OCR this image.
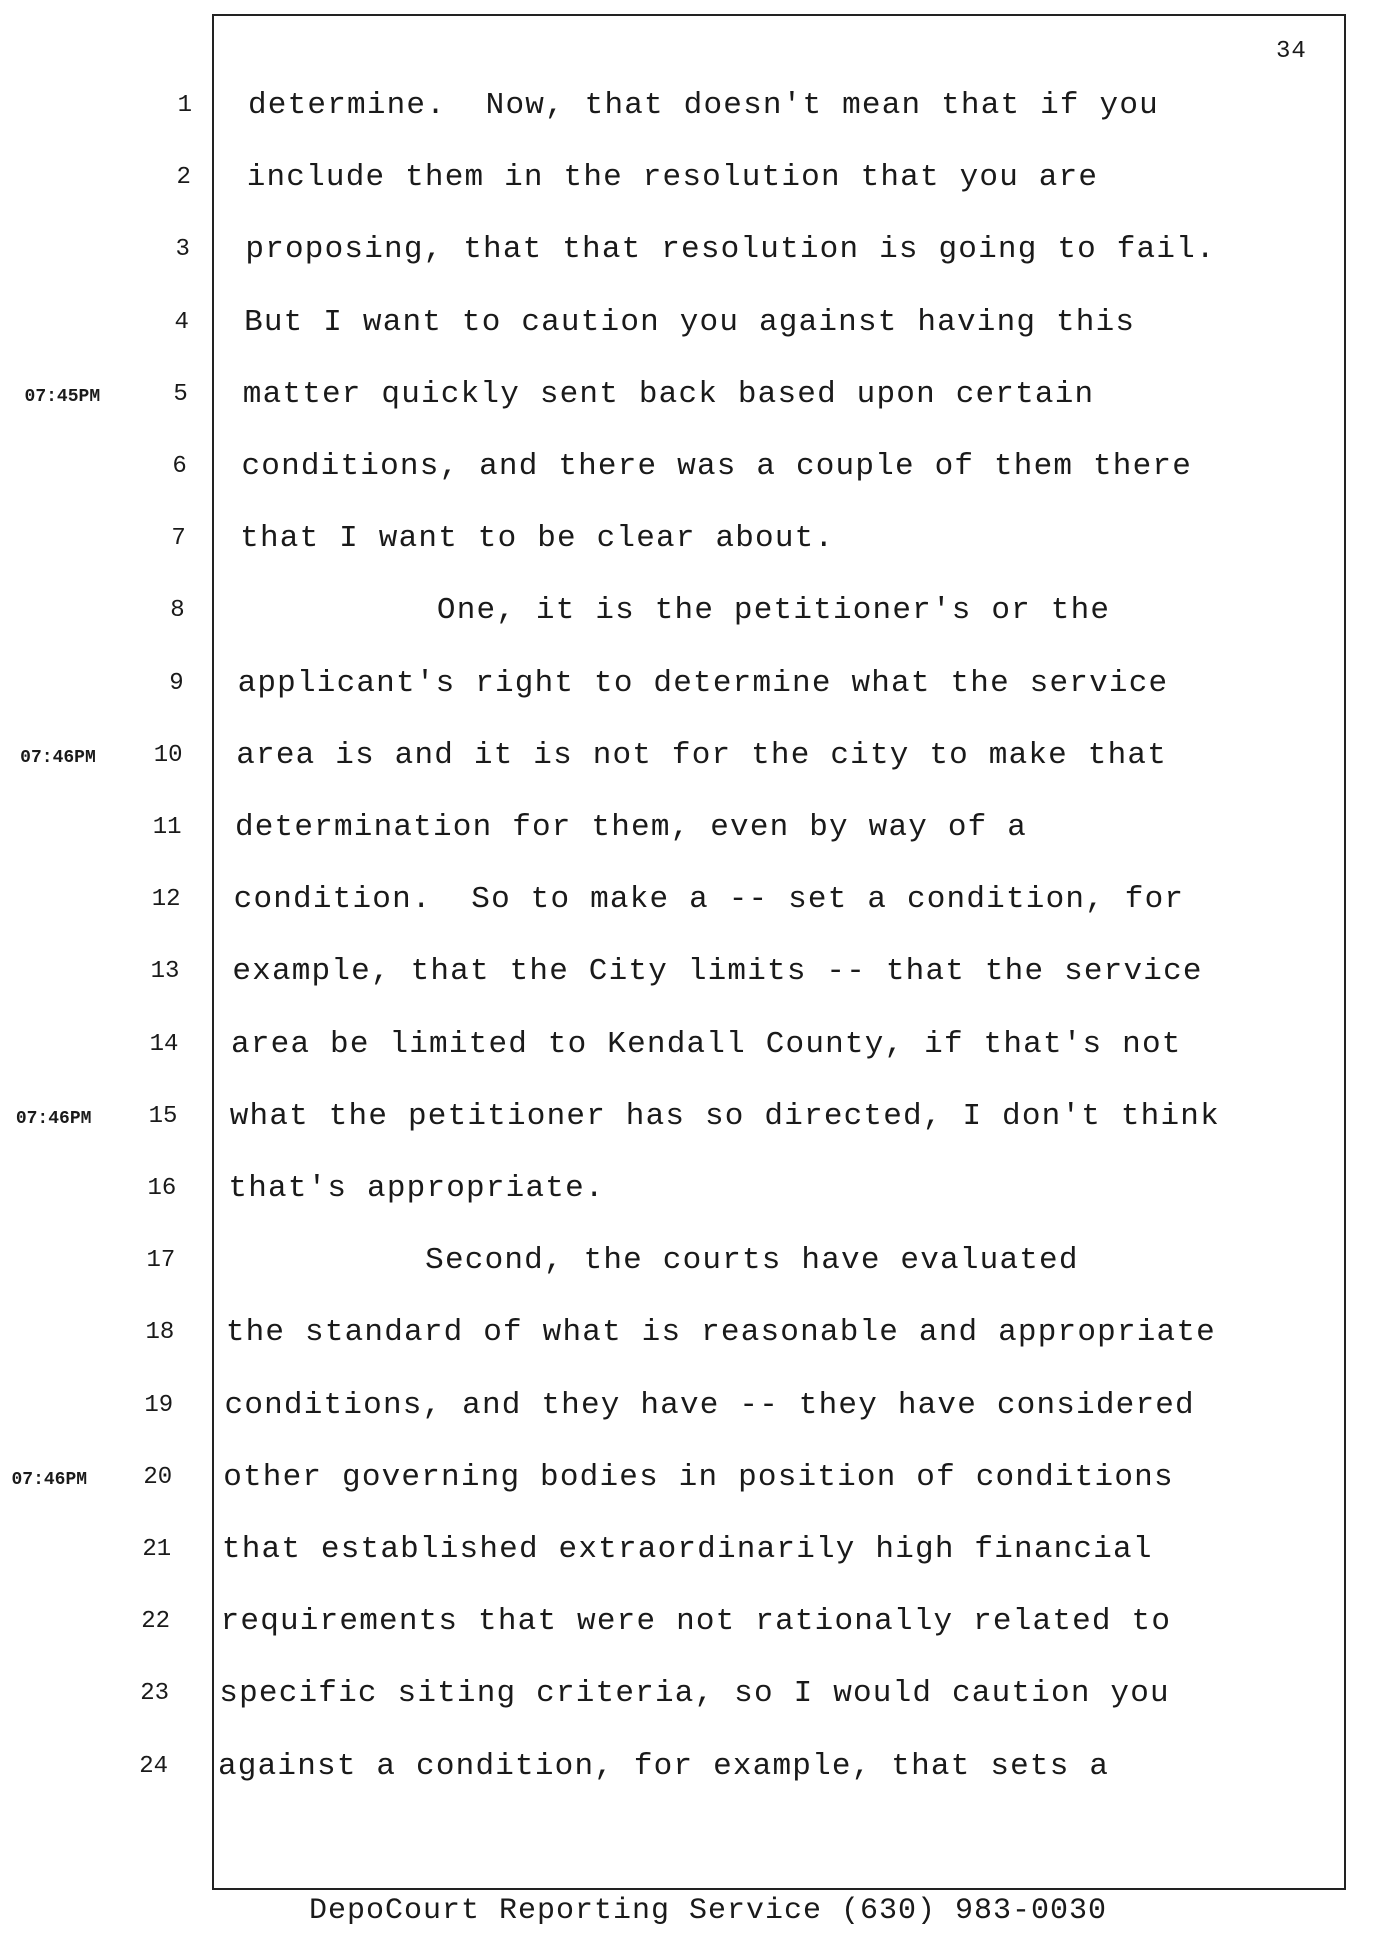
34
1 determine.  Now, that doesn't mean that if you
2 include them in the resolution that you are
3 proposing, that that resolution is going to fail.
4 But I want to caution you against having this
07:45PM	5 matter quickly sent back based upon certain
6 conditions, and there was a couple of them there
7 that I want to be clear about.
8 One, it is the petitioner's or the
9 applicant's right to determine what the service
07:46PM	10 area is and it is not for the city to make that
11 determination for them, even by way of a
12 condition.  So to make a -- set a condition, for
13 example, that the City limits -- that the service
14 area be limited to Kendall County, if that's not
07:46PM	15 what the petitioner has so directed, I don't think
16 that's appropriate.
17 Second, the courts have evaluated
18 the standard of what is reasonable and appropriate
19 conditions, and they have -- they have considered
07:46PM	20 other governing bodies in position of conditions
21 that established extraordinarily high financial
22 requirements that were not rationally related to
23 specific siting criteria, so I would caution you
24 against a condition, for example, that sets a
DepoCourt Reporting Service (630) 983-0030
